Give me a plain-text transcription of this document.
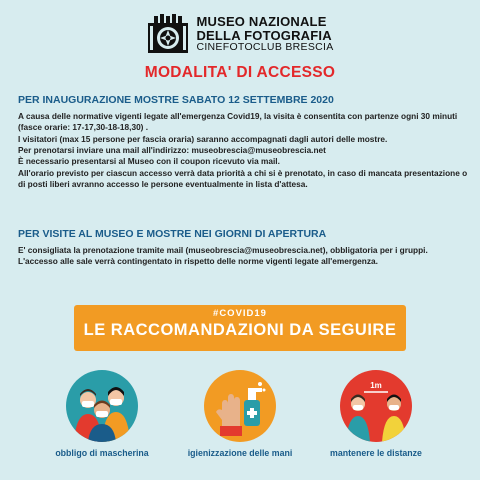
MUSEO NAZIONALE
DELLA FOTOGRAFIA
CINEFOTOCLUB BRESCIA
MODALITA' DI ACCESSO
PER INAUGURAZIONE MOSTRE SABATO 12 SETTEMBRE 2020

A causa delle normative vigenti legate all'emergenza Covid19, la visita è consentita con partenze ogni 30 minuti (fasce orarie: 17-17,30-18-18,30) .

I visitatori (max 15 persone per fascia oraria) saranno accompagnati dagli autori delle mostre.

Per prenotarsi inviare una mail all'indirizzo: museobrescia@museobrescia.net

È necessario presentarsi al Museo con il coupon ricevuto via mail.

All'orario previsto per ciascun accesso verrà data priorità a chi si è prenotato, in caso di mancata presentazione o di posti liberi avranno accesso le persone eventualmente in lista d'attesa.

PER VISITE AL MUSEO E MOSTRE NEI GIORNI DI APERTURA

E' consigliata la prenotazione tramite mail (museobrescia@museobrescia.net), obbligatoria per i gruppi.

L'accesso alle sale verrà contingentato in rispetto delle norme vigenti legate all'emergenza.

#COVID19
LE RACCOMANDAZIONI DA SEGUIRE
obbligo di mascherina	igienizzazione delle mani
1m
mantenere le distanze
